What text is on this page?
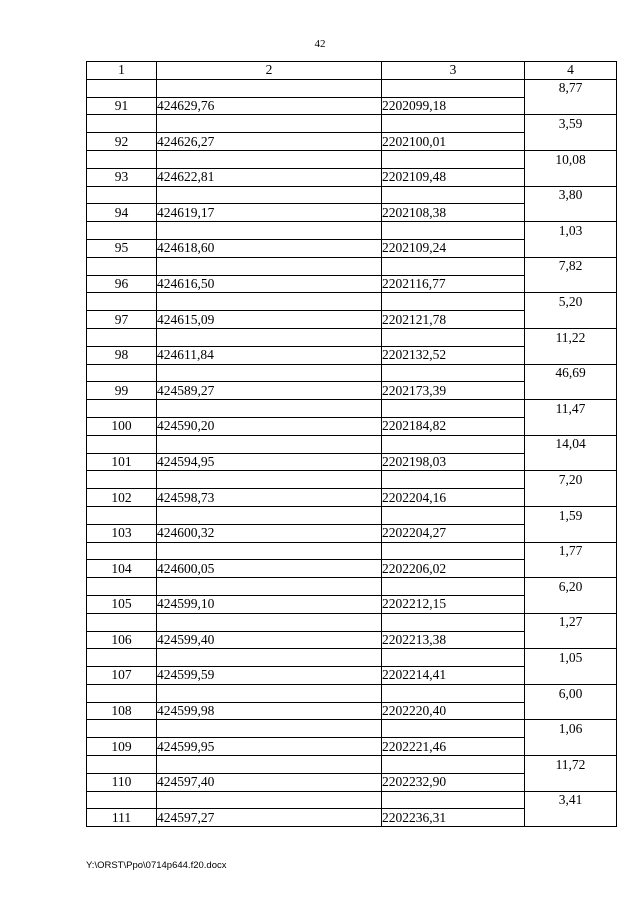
42
1	2	3	4
			8,77
91	424629,76	2202099,18	
			3,59
92	424626,27	2202100,01	
			10,08
93	424622,81	2202109,48	
			3,80
94	424619,17	2202108,38	
			1,03
95	424618,60	2202109,24	
			7,82
96	424616,50	2202116,77	
			5,20
97	424615,09	2202121,78	
			11,22
98	424611,84	2202132,52	
			46,69
99	424589,27	2202173,39	
			11,47
100	424590,20	2202184,82	
			14,04
101	424594,95	2202198,03	
			7,20
102	424598,73	2202204,16	
			1,59
103	424600,32	2202204,27	
			1,77
104	424600,05	2202206,02	
			6,20
105	424599,10	2202212,15	
			1,27
106	424599,40	2202213,38	
			1,05
107	424599,59	2202214,41	
			6,00
108	424599,98	2202220,40	
			1,06
109	424599,95	2202221,46	
			11,72
110	424597,40	2202232,90	
			3,41
111	424597,27	2202236,31	
Y:\ORST\Ppo\0714p644.f20.docx
